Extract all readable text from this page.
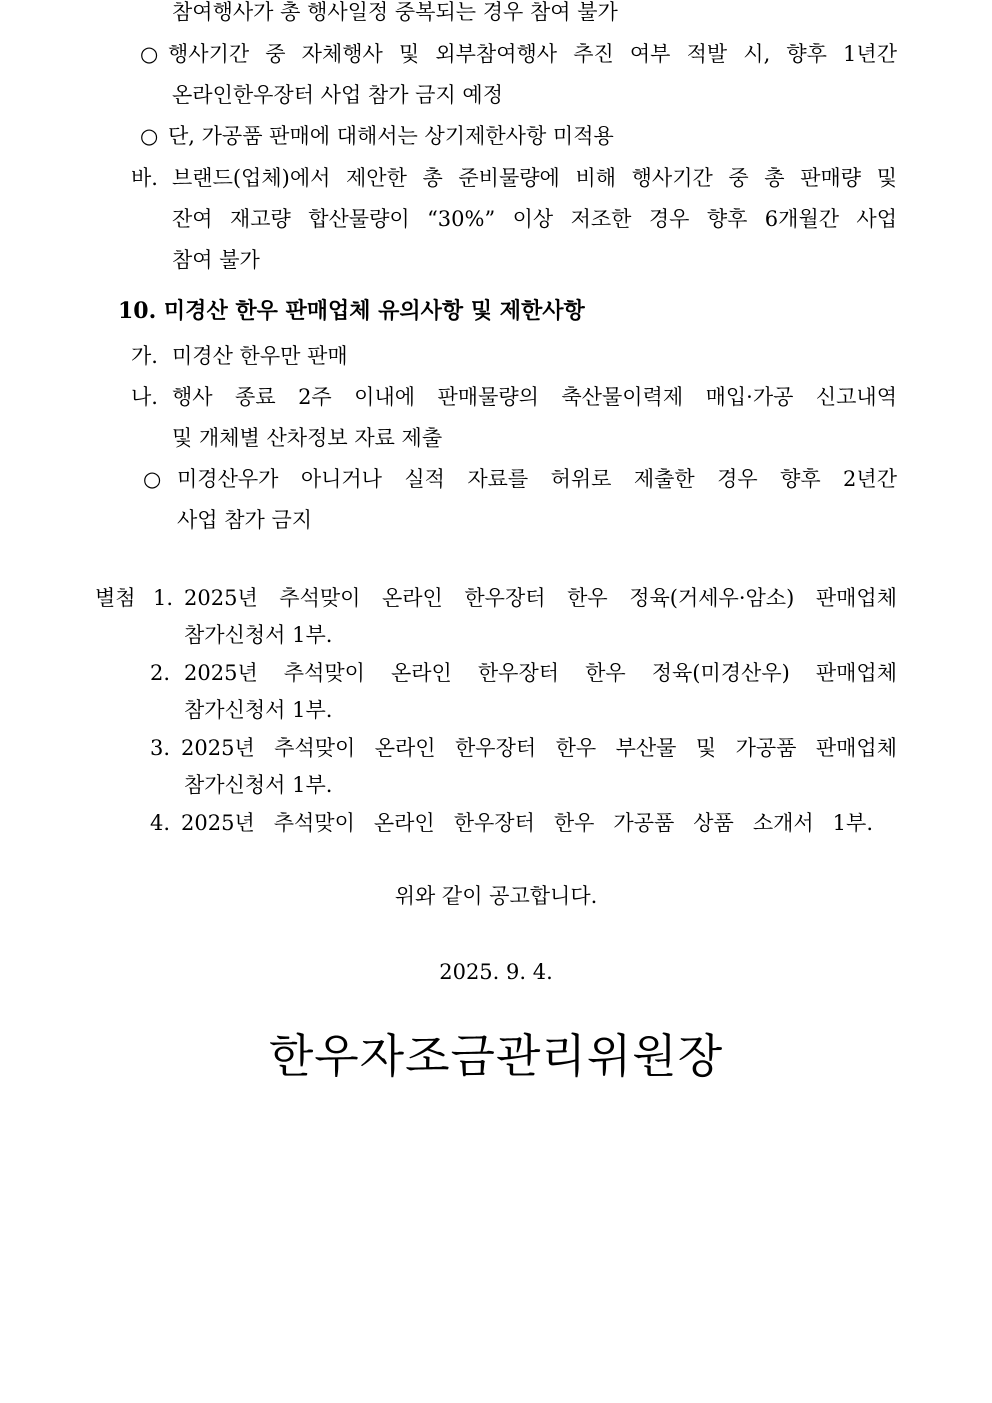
참여행사가 총 행사일정 중복되는 경우 참여 불가
○ 행사기간 중 자체행사 및 외부참여행사 추진 여부 적발 시, 향후 1년간
온라인한우장터 사업 참가 금지 예정
○ 단, 가공품 판매에 대해서는 상기제한사항 미적용
바. 브랜드(업체)에서 제안한 총 준비물량에 비해 행사기간 중 총 판매량 및
잔여 재고량 합산물량이 “30%” 이상 저조한 경우 향후 6개월간 사업
참여 불가
10. 미경산 한우 판매업체 유의사항 및 제한사항
가. 미경산 한우만 판매
나. 행사 종료 2주 이내에 판매물량의 축산물이력제 매입·가공 신고내역
및 개체별 산차정보 자료 제출
○ 미경산우가 아니거나 실적 자료를 허위로 제출한 경우 향후 2년간
사업 참가 금지
별첨 1. 2025년 추석맞이 온라인 한우장터 한우 정육(거세우·암소) 판매업체
참가신청서 1부.
2. 2025년 추석맞이 온라인 한우장터 한우 정육(미경산우) 판매업체
참가신청서 1부.
3. 2025년 추석맞이 온라인 한우장터 한우 부산물 및 가공품 판매업체
참가신청서 1부.
4. 2025년 추석맞이 온라인 한우장터 한우 가공품 상품 소개서 1부.
위와 같이 공고합니다.
2025. 9. 4.
한우자조금관리위원장
